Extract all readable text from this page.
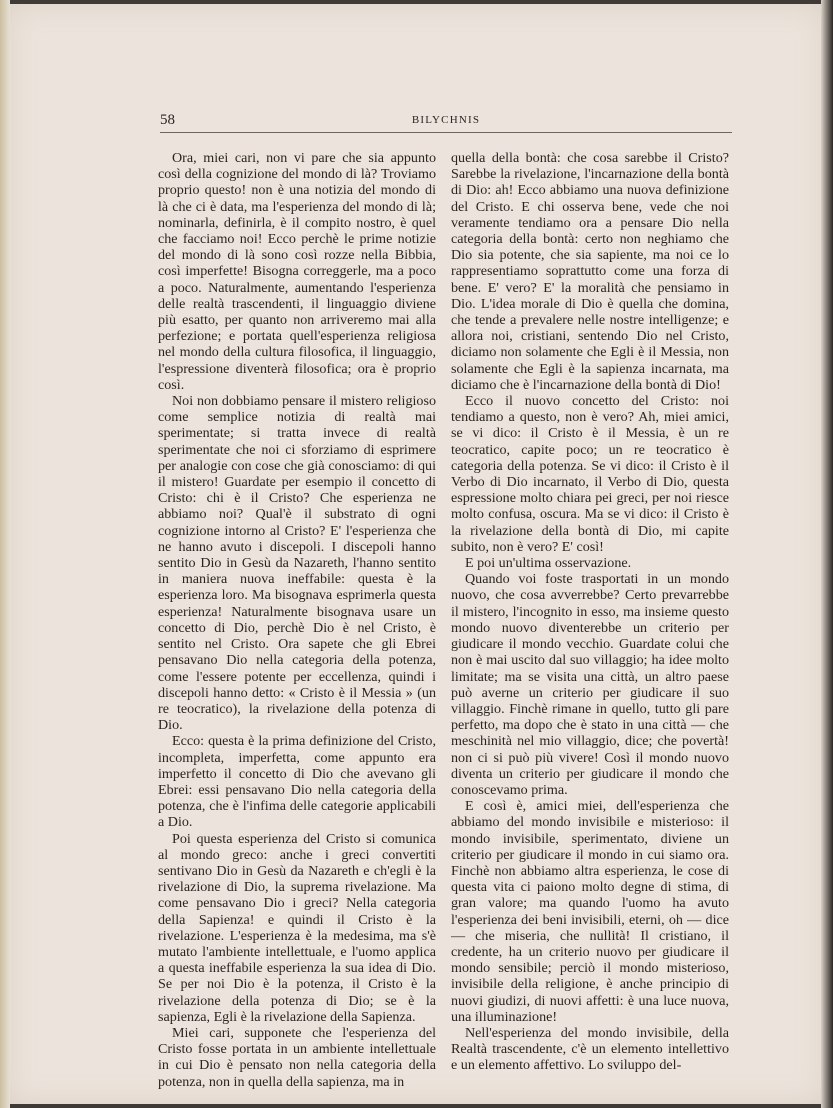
58	BILYCHNIS

Ora, miei cari, non vi pare che sia appunto così della cognizione del mondo di là? Troviamo proprio questo! non è una notizia del mondo di là che ci è data, ma l'esperienza del mondo di là; nominarla, definirla, è il compito nostro, è quel che facciamo noi! Ecco perchè le prime notizie del mondo di là sono così rozze nella Bibbia, così imperfette! Bisogna correggerle, ma a poco a poco. Naturalmente, aumentando l'esperienza delle realtà trascendenti, il linguaggio diviene più esatto, per quanto non arriveremo mai alla perfezione; e portata quell'esperienza religiosa nel mondo della cultura filosofica, il linguaggio, l'espressione diventerà filosofica; ora è proprio così.

Noi non dobbiamo pensare il mistero religioso come semplice notizia di realtà mai sperimentate; si tratta invece di realtà sperimentate che noi ci sforziamo di esprimere per analogie con cose che già conosciamo: di qui il mistero! Guardate per esempio il concetto di Cristo: chi è il Cristo? Che esperienza ne abbiamo noi? Qual'è il substrato di ogni cognizione intorno al Cristo? E' l'esperienza che ne hanno avuto i discepoli. I discepoli hanno sentito Dio in Gesù da Nazareth, l'hanno sentito in maniera nuova ineffabile: questa è la esperienza loro. Ma bisognava esprimerla questa esperienza! Naturalmente bisognava usare un concetto di Dio, perchè Dio è nel Cristo, è sentito nel Cristo. Ora sapete che gli Ebrei pensavano Dio nella categoria della potenza, come l'essere potente per eccellenza, quindi i discepoli hanno detto: « Cristo è il Messia » (un re teocratico), la rivelazione della potenza di Dio.

Ecco: questa è la prima definizione del Cristo, incompleta, imperfetta, come appunto era imperfetto il concetto di Dio che avevano gli Ebrei: essi pensavano Dio nella categoria della potenza, che è l'infima delle categorie applicabili a Dio.

Poi questa esperienza del Cristo si comunica al mondo greco: anche i greci convertiti sentivano Dio in Gesù da Nazareth e ch'egli è la rivelazione di Dio, la suprema rivelazione. Ma come pensavano Dio i greci? Nella categoria della Sapienza! e quindi il Cristo è la rivelazione. L'esperienza è la medesima, ma s'è mutato l'ambiente intellettuale, e l'uomo applica a questa ineffabile esperienza la sua idea di Dio. Se per noi Dio è la potenza, il Cristo è la rivelazione della potenza di Dio; se è la sapienza, Egli è la rivelazione della Sapienza.

Miei cari, supponete che l'esperienza del Cristo fosse portata in un ambiente intellettuale in cui Dio è pensato non nella categoria della potenza, non in quella della sapienza, ma in

quella della bontà: che cosa sarebbe il Cristo? Sarebbe la rivelazione, l'incarnazione della bontà di Dio: ah! Ecco abbiamo una nuova definizione del Cristo. E chi osserva bene, vede che noi veramente tendiamo ora a pensare Dio nella categoria della bontà: certo non neghiamo che Dio sia potente, che sia sapiente, ma noi ce lo rappresentiamo soprattutto come una forza di bene. E' vero? E' la moralità che pensiamo in Dio. L'idea morale di Dio è quella che domina, che tende a prevalere nelle nostre intelligenze; e allora noi, cristiani, sentendo Dio nel Cristo, diciamo non solamente che Egli è il Messia, non solamente che Egli è la sapienza incarnata, ma diciamo che è l'incarnazione della bontà di Dio!

Ecco il nuovo concetto del Cristo: noi tendiamo a questo, non è vero? Ah, miei amici, se vi dico: il Cristo è il Messia, è un re teocratico, capite poco; un re teocratico è categoria della potenza. Se vi dico: il Cristo è il Verbo di Dio incarnato, il Verbo di Dio, questa espressione molto chiara pei greci, per noi riesce molto confusa, oscura. Ma se vi dico: il Cristo è la rivelazione della bontà di Dio, mi capite subito, non è vero? E' così!

E poi un'ultima osservazione.

Quando voi foste trasportati in un mondo nuovo, che cosa avverrebbe? Certo prevarrebbe il mistero, l'incognito in esso, ma insieme questo mondo nuovo diventerebbe un criterio per giudicare il mondo vecchio. Guardate colui che non è mai uscito dal suo villaggio; ha idee molto limitate; ma se visita una città, un altro paese può averne un criterio per giudicare il suo villaggio. Finchè rimane in quello, tutto gli pare perfetto, ma dopo che è stato in una città — che meschinità nel mio villaggio, dice; che povertà! non ci si può più vivere! Così il mondo nuovo diventa un criterio per giudicare il mondo che conoscevamo prima.

E così è, amici miei, dell'esperienza che abbiamo del mondo invisibile e misterioso: il mondo invisibile, sperimentato, diviene un criterio per giudicare il mondo in cui siamo ora. Finchè non abbiamo altra esperienza, le cose di questa vita ci paiono molto degne di stima, di gran valore; ma quando l'uomo ha avuto l'esperienza dei beni invisibili, eterni, oh — dice — che miseria, che nullità! Il cristiano, il credente, ha un criterio nuovo per giudicare il mondo sensibile; perciò il mondo misterioso, invisibile della religione, è anche principio di nuovi giudizi, di nuovi affetti: è una luce nuova, una illuminazione!

Nell'esperienza del mondo invisibile, della Realtà trascendente, c'è un elemento intellettivo e un elemento affettivo. Lo sviluppo del-
